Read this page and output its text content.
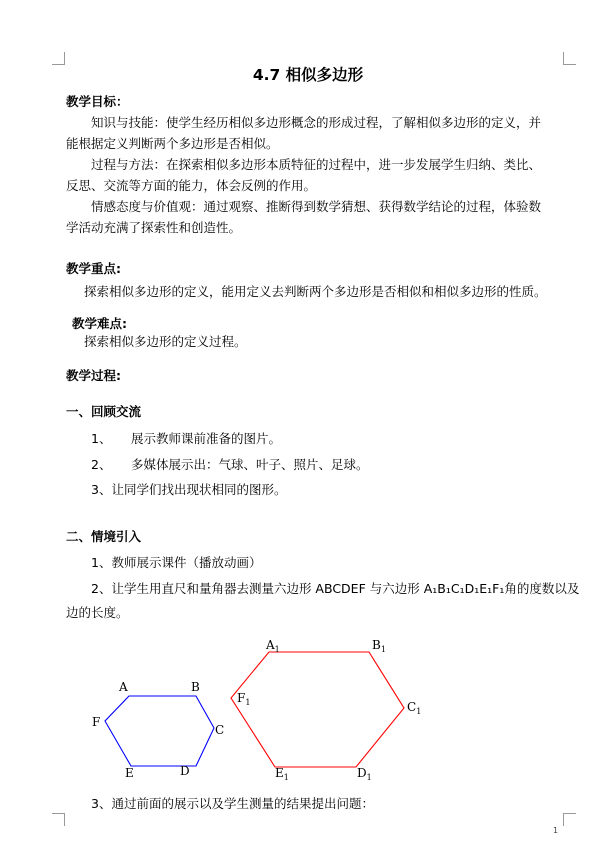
4.7 相似多边形
教学目标：
知识与技能：使学生经历相似多边形概念的形成过程，了解相似多边形的定义，并
能根据定义判断两个多边形是否相似。
过程与方法：在探索相似多边形本质特征的过程中，进一步发展学生归纳、类比、
反思、交流等方面的能力，体会反例的作用。
情感态度与价值观：通过观察、推断得到数学猜想、获得数学结论的过程，体验数
学活动充满了探索性和创造性。
教学重点:
探索相似多边形的定义，能用定义去判断两个多边形是否相似和相似多边形的性质。
教学难点:
探索相似多边形的定义过程。
教学过程:
一、回顾交流
1、 展示教师课前准备的图片。
2、 多媒体展示出：气球、叶子、照片、足球。
3、让同学们找出现状相同的图形。
二、情境引入
1、教师展示课件（播放动画）
2、让学生用直尺和量角器去测量六边形 ABCDEF 与六边形 A₁B₁C₁D₁E₁F₁角的度数以及
边的长度。
A	B
C
D
E
F
$A_1$	$B_1$
$C_1$
$D_1$
$E_1$
$F_1$
3、通过前面的展示以及学生测量的结果提出问题：
1
